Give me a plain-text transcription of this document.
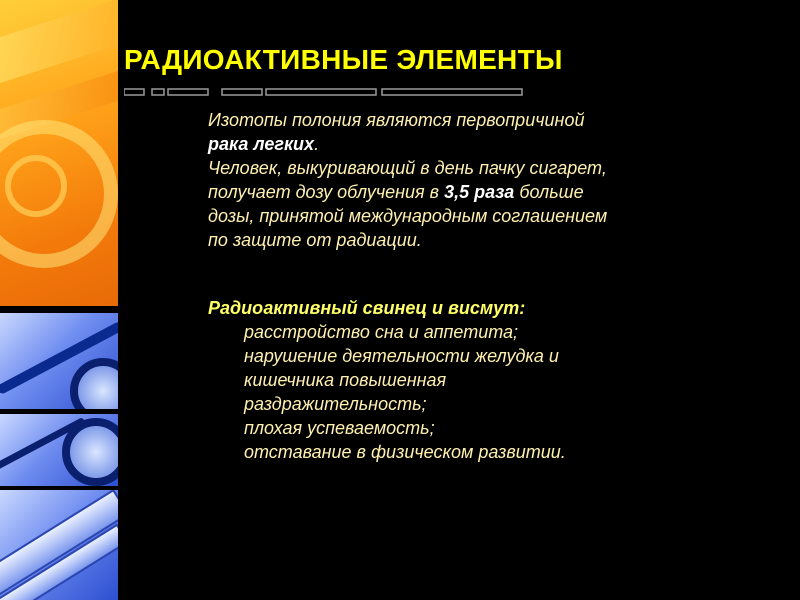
РАДИОАКТИВНЫЕ ЭЛЕМЕНТЫ

Изотопы полония являются первопричиной
рака легких.
Человек, выкуривающий в день пачку сигарет,
получает дозу облучения в 3,5 раза больше
дозы, принятой международным соглашением
по защите от радиации.

Радиоактивный свинец и висмут:
расстройство сна и аппетита;
нарушение деятельности желудка и
кишечника повышенная
раздражительность;
плохая успеваемость;
отставание в физическом развитии.
